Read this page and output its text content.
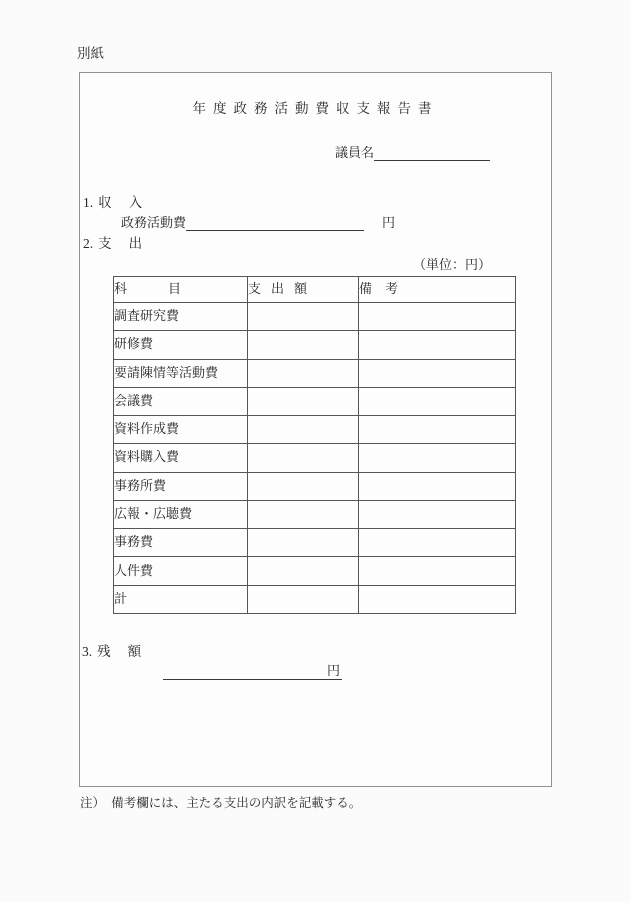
別紙
年度政務活動費収支報告書
議員名
1. 収入
政務活動費	円
2. 支出
（単位：円）
科目	支出額	備考
調査研究費		
研修費		
要請陳情等活動費		
会議費		
資料作成費		
資料購入費		
事務所費		
広報・広聴費		
事務費		
人件費		
計		
3. 残額
円
注）　備考欄には、主たる支出の内訳を記載する。
